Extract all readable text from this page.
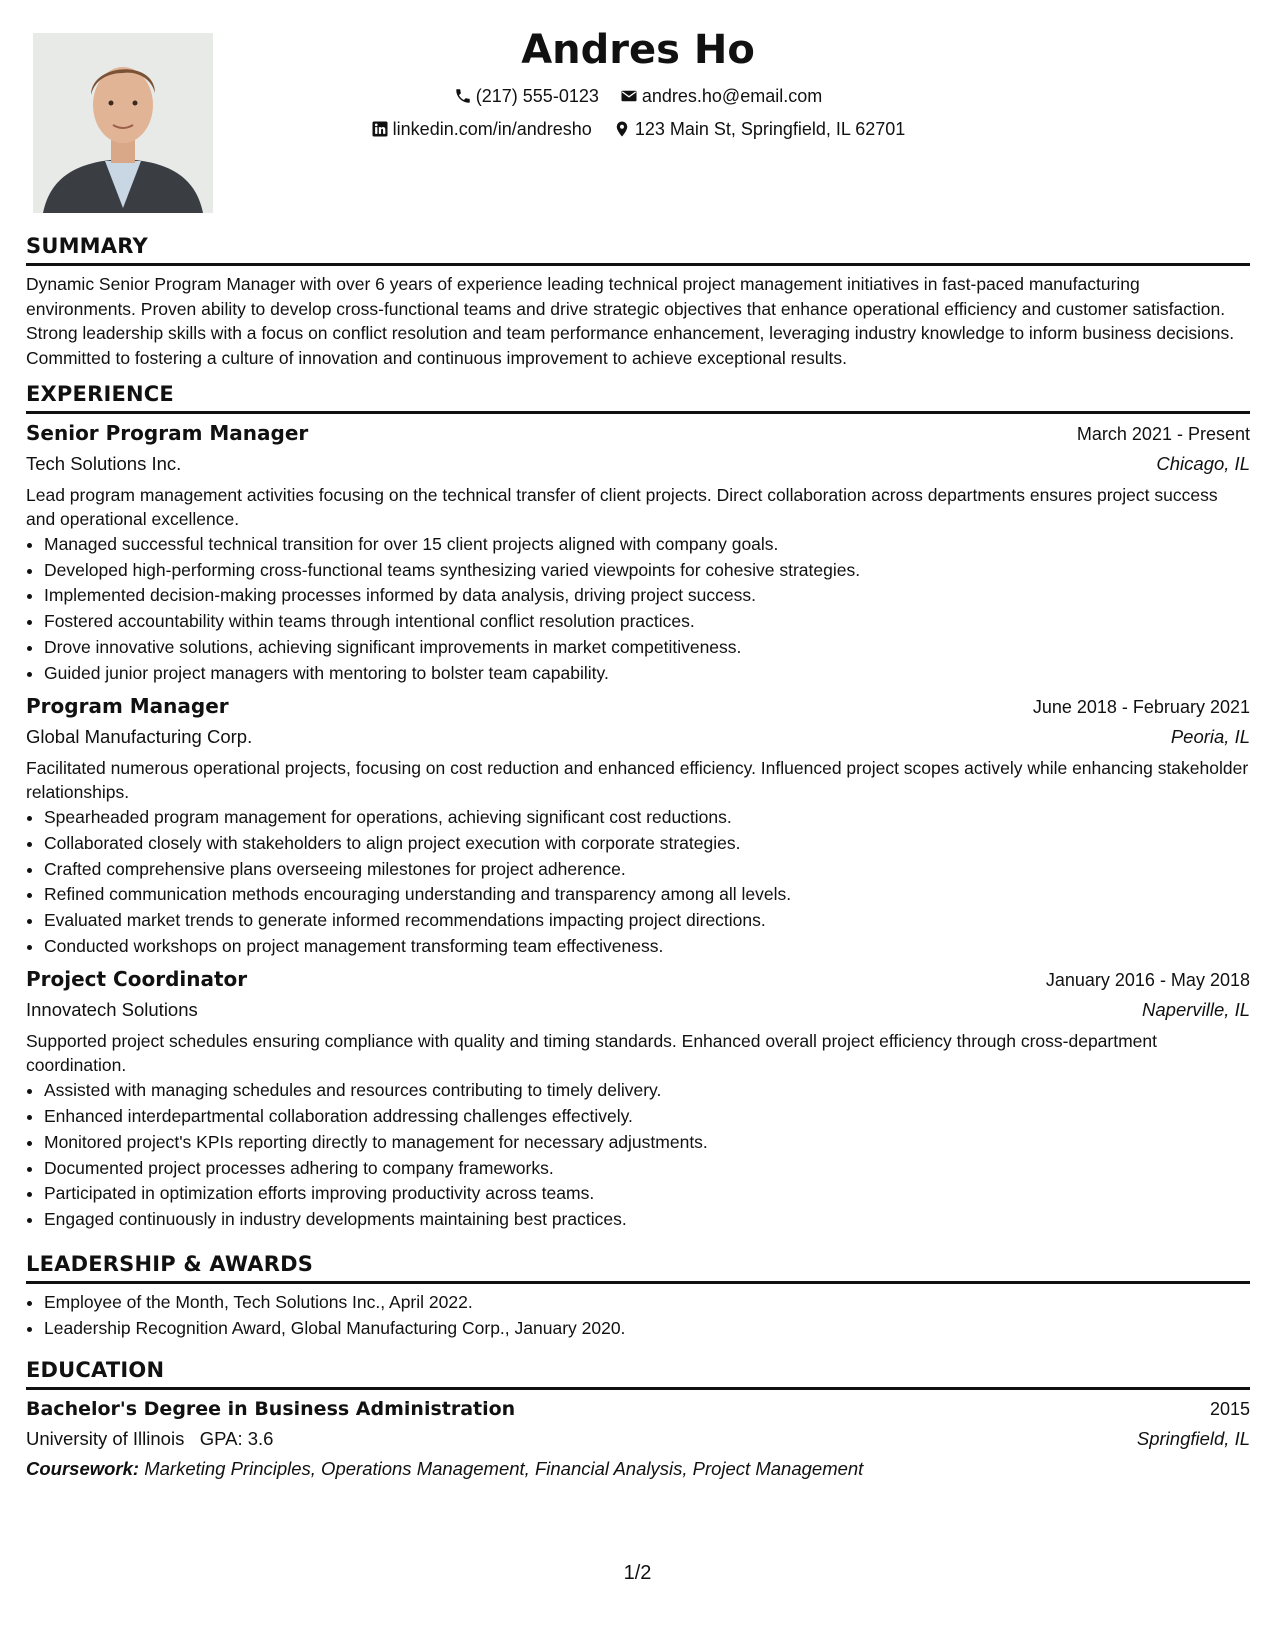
Andres Ho
(217) 555-0123
andres.ho@email.com
linkedin.com/in/andresho
123 Main St, Springfield, IL 62701
SUMMARY

Dynamic Senior Program Manager with over 6 years of experience leading technical project management initiatives in fast-paced manufacturing environments. Proven ability to develop cross-functional teams and drive strategic objectives that enhance operational efficiency and customer satisfaction. Strong leadership skills with a focus on conflict resolution and team performance enhancement, leveraging industry knowledge to inform business decisions. Committed to fostering a culture of innovation and continuous improvement to achieve exceptional results.

EXPERIENCE
Senior Program Manager	March 2021 - Present
Tech Solutions Inc.	Chicago, IL

Lead program management activities focusing on the technical transfer of client projects. Direct collaboration across departments ensures project success and operational excellence.

• Managed successful technical transition for over 15 client projects aligned with company goals.
• Developed high-performing cross-functional teams synthesizing varied viewpoints for cohesive strategies.
• Implemented decision-making processes informed by data analysis, driving project success.
• Fostered accountability within teams through intentional conflict resolution practices.
• Drove innovative solutions, achieving significant improvements in market competitiveness.
• Guided junior project managers with mentoring to bolster team capability.
Program Manager	June 2018 - February 2021
Global Manufacturing Corp.	Peoria, IL

Facilitated numerous operational projects, focusing on cost reduction and enhanced efficiency. Influenced project scopes actively while enhancing stakeholder relationships.

• Spearheaded program management for operations, achieving significant cost reductions.
• Collaborated closely with stakeholders to align project execution with corporate strategies.
• Crafted comprehensive plans overseeing milestones for project adherence.
• Refined communication methods encouraging understanding and transparency among all levels.
• Evaluated market trends to generate informed recommendations impacting project directions.
• Conducted workshops on project management transforming team effectiveness.
Project Coordinator	January 2016 - May 2018
Innovatech Solutions	Naperville, IL

Supported project schedules ensuring compliance with quality and timing standards. Enhanced overall project efficiency through cross-department coordination.

• Assisted with managing schedules and resources contributing to timely delivery.
• Enhanced interdepartmental collaboration addressing challenges effectively.
• Monitored project's KPIs reporting directly to management for necessary adjustments.
• Documented project processes adhering to company frameworks.
• Participated in optimization efforts improving productivity across teams.
• Engaged continuously in industry developments maintaining best practices.
LEADERSHIP & AWARDS
• Employee of the Month, Tech Solutions Inc., April 2022.
• Leadership Recognition Award, Global Manufacturing Corp., January 2020.
EDUCATION
Bachelor's Degree in Business Administration	2015
University of Illinois GPA: 3.6	Springfield, IL
Coursework: Marketing Principles, Operations Management, Financial Analysis, Project Management
1/2
